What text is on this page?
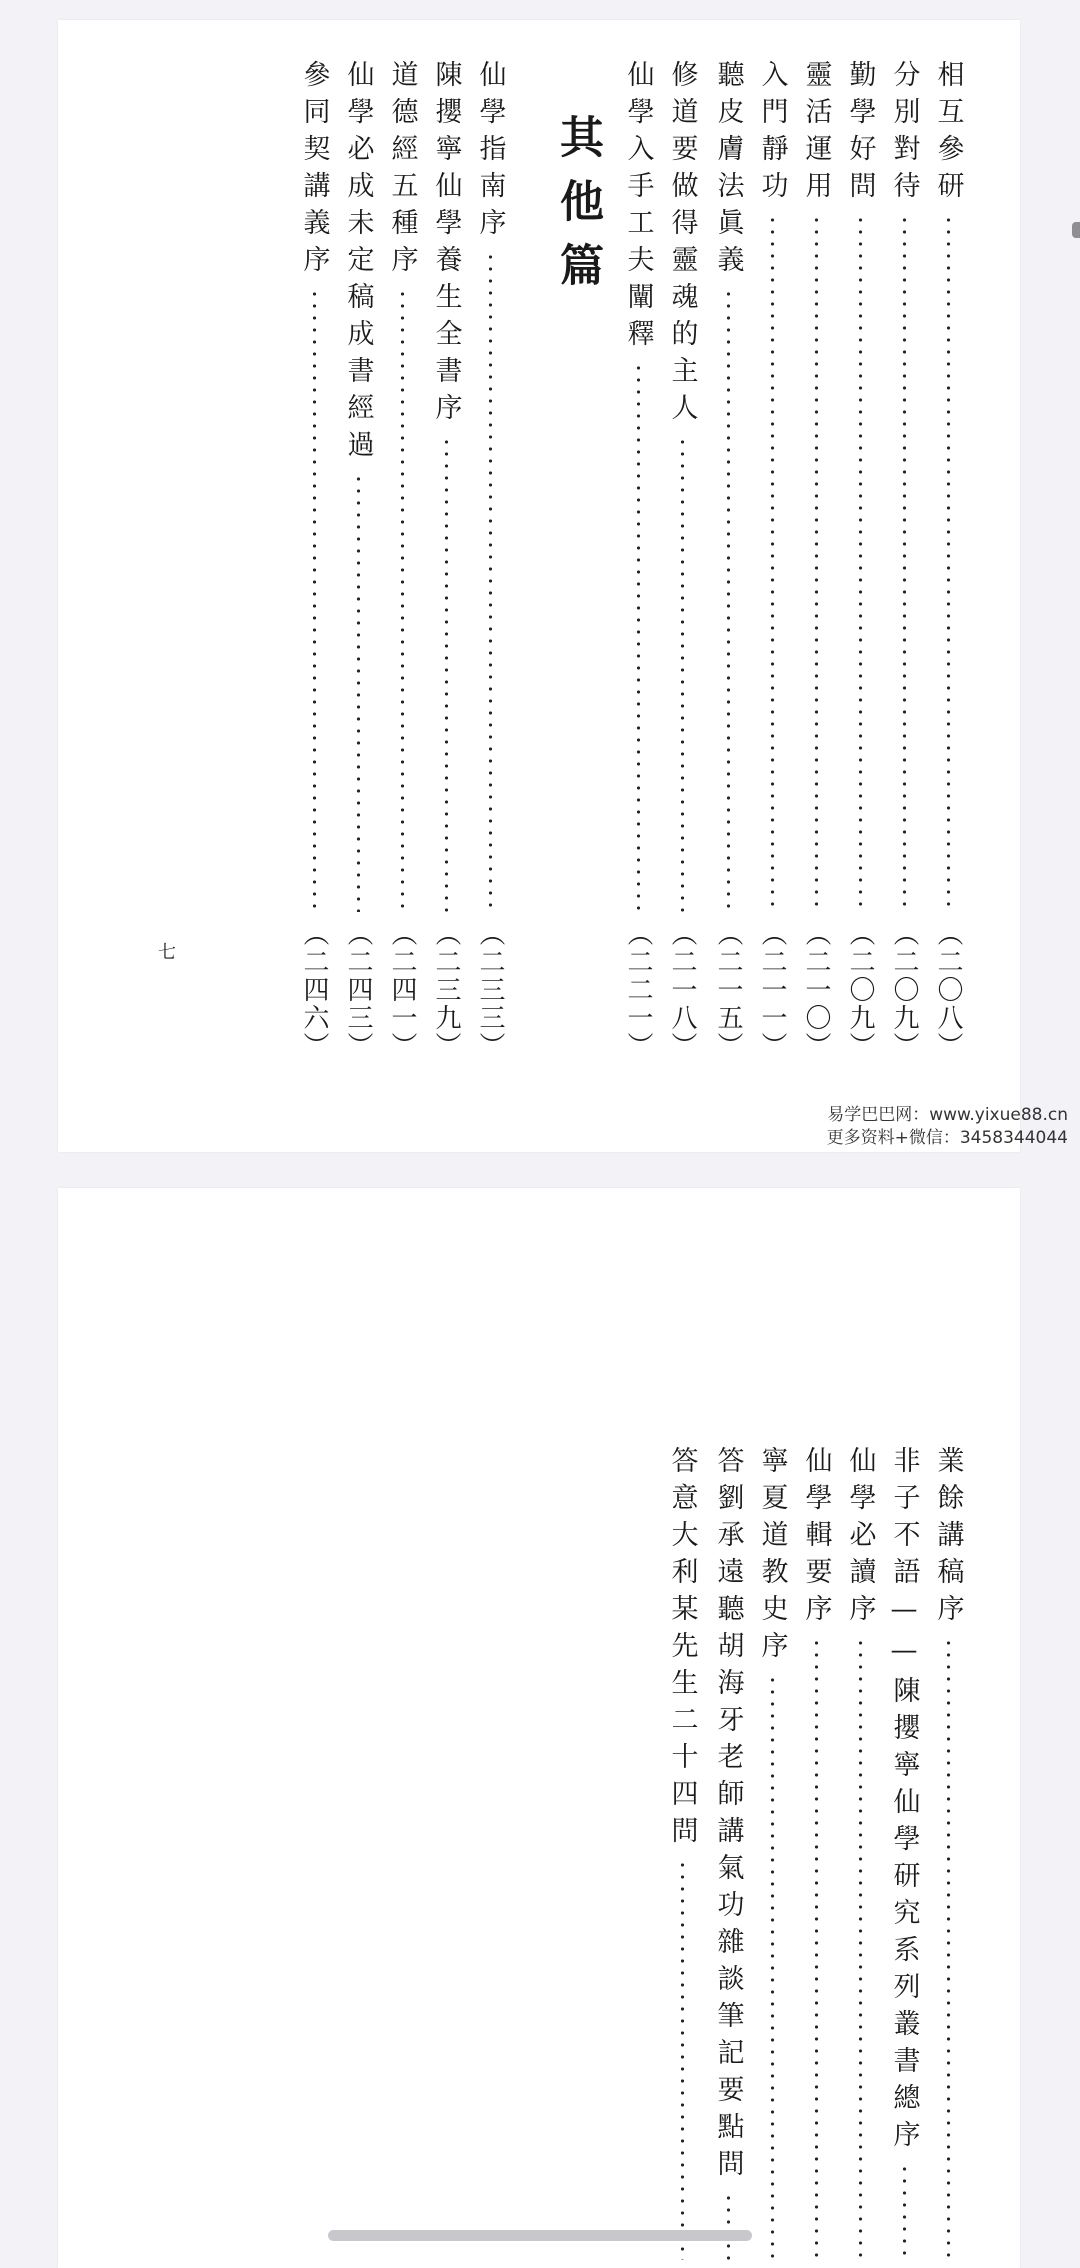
七
相互參研
（二〇八）
分別對待
（二〇九）
勤學好問
（二〇九）
靈活運用
（二一〇）
入門靜功
（二一一）
聽皮膚法眞義
（二一五）
修道要做得靈魂的主人
（二一八）
仙學入手工夫闡釋
（二二一）
其他篇
仙學指南序
（二三三）
陳攖寧仙學養生全書序
（二三九）
道德經五種序
（二四一）
仙學必成未定稿成書經過
（二四三）
參同契講義序
（二四六）
易学巴巴网：www.yixue88.cn
更多资料+微信：3458344044
業餘講稿序
非子不語——陳攖寧仙學研究系列叢書總序
仙學必讀序
仙學輯要序
寧夏道教史序
答劉承遠聽胡海牙老師講氣功雜談筆記要點問
答意大利某先生二十四問
